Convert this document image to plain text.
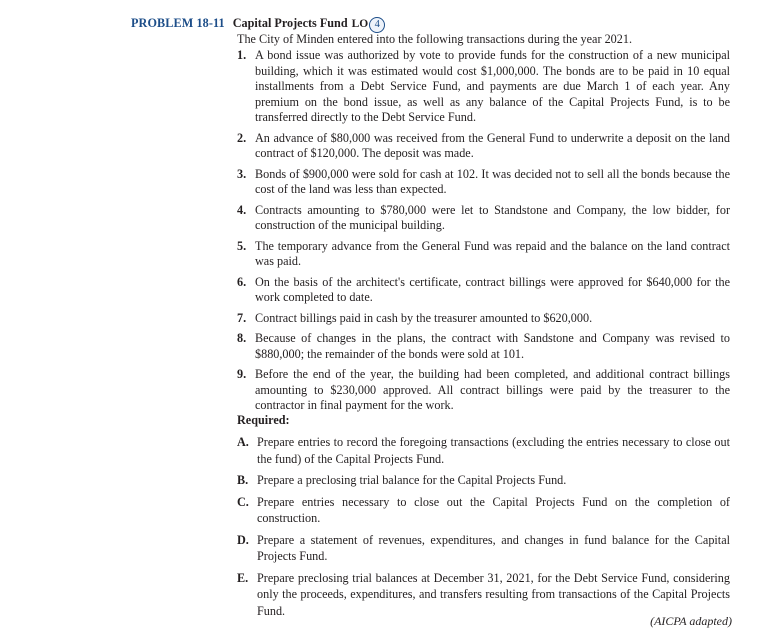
PROBLEM 18-11 Capital Projects Fund LO 4
The City of Minden entered into the following transactions during the year 2021.

1. A bond issue was authorized by vote to provide funds for the construction of a new municipal building, which it was estimated would cost $1,000,000. The bonds are to be paid in 10 equal installments from a Debt Service Fund, and payments are due March 1 of each year. Any premium on the bond issue, as well as any balance of the Capital Projects Fund, is to be transferred directly to the Debt Service Fund.

2. An advance of $80,000 was received from the General Fund to underwrite a deposit on the land contract of $120,000. The deposit was made.

3. Bonds of $900,000 were sold for cash at 102. It was decided not to sell all the bonds because the cost of the land was less than expected.

4. Contracts amounting to $780,000 were let to Standstone and Company, the low bidder, for construction of the municipal building.

5. The temporary advance from the General Fund was repaid and the balance on the land contract was paid.

6. On the basis of the architect's certificate, contract billings were approved for $640,000 for the work completed to date.

7. Contract billings paid in cash by the treasurer amounted to $620,000.

8. Because of changes in the plans, the contract with Sandstone and Company was revised to $880,000; the remainder of the bonds were sold at 101.

9. Before the end of the year, the building had been completed, and additional contract billings amounting to $230,000 approved. All contract billings were paid by the treasurer to the contractor in final payment for the work.

Required:

A. Prepare entries to record the foregoing transactions (excluding the entries necessary to close out the fund) of the Capital Projects Fund.

B. Prepare a preclosing trial balance for the Capital Projects Fund.

C. Prepare entries necessary to close out the Capital Projects Fund on the completion of construction.

D. Prepare a statement of revenues, expenditures, and changes in fund balance for the Capital Projects Fund.

E. Prepare preclosing trial balances at December 31, 2021, for the Debt Service Fund, considering only the proceeds, expenditures, and transfers resulting from transactions of the Capital Projects Fund.

(AICPA adapted)
